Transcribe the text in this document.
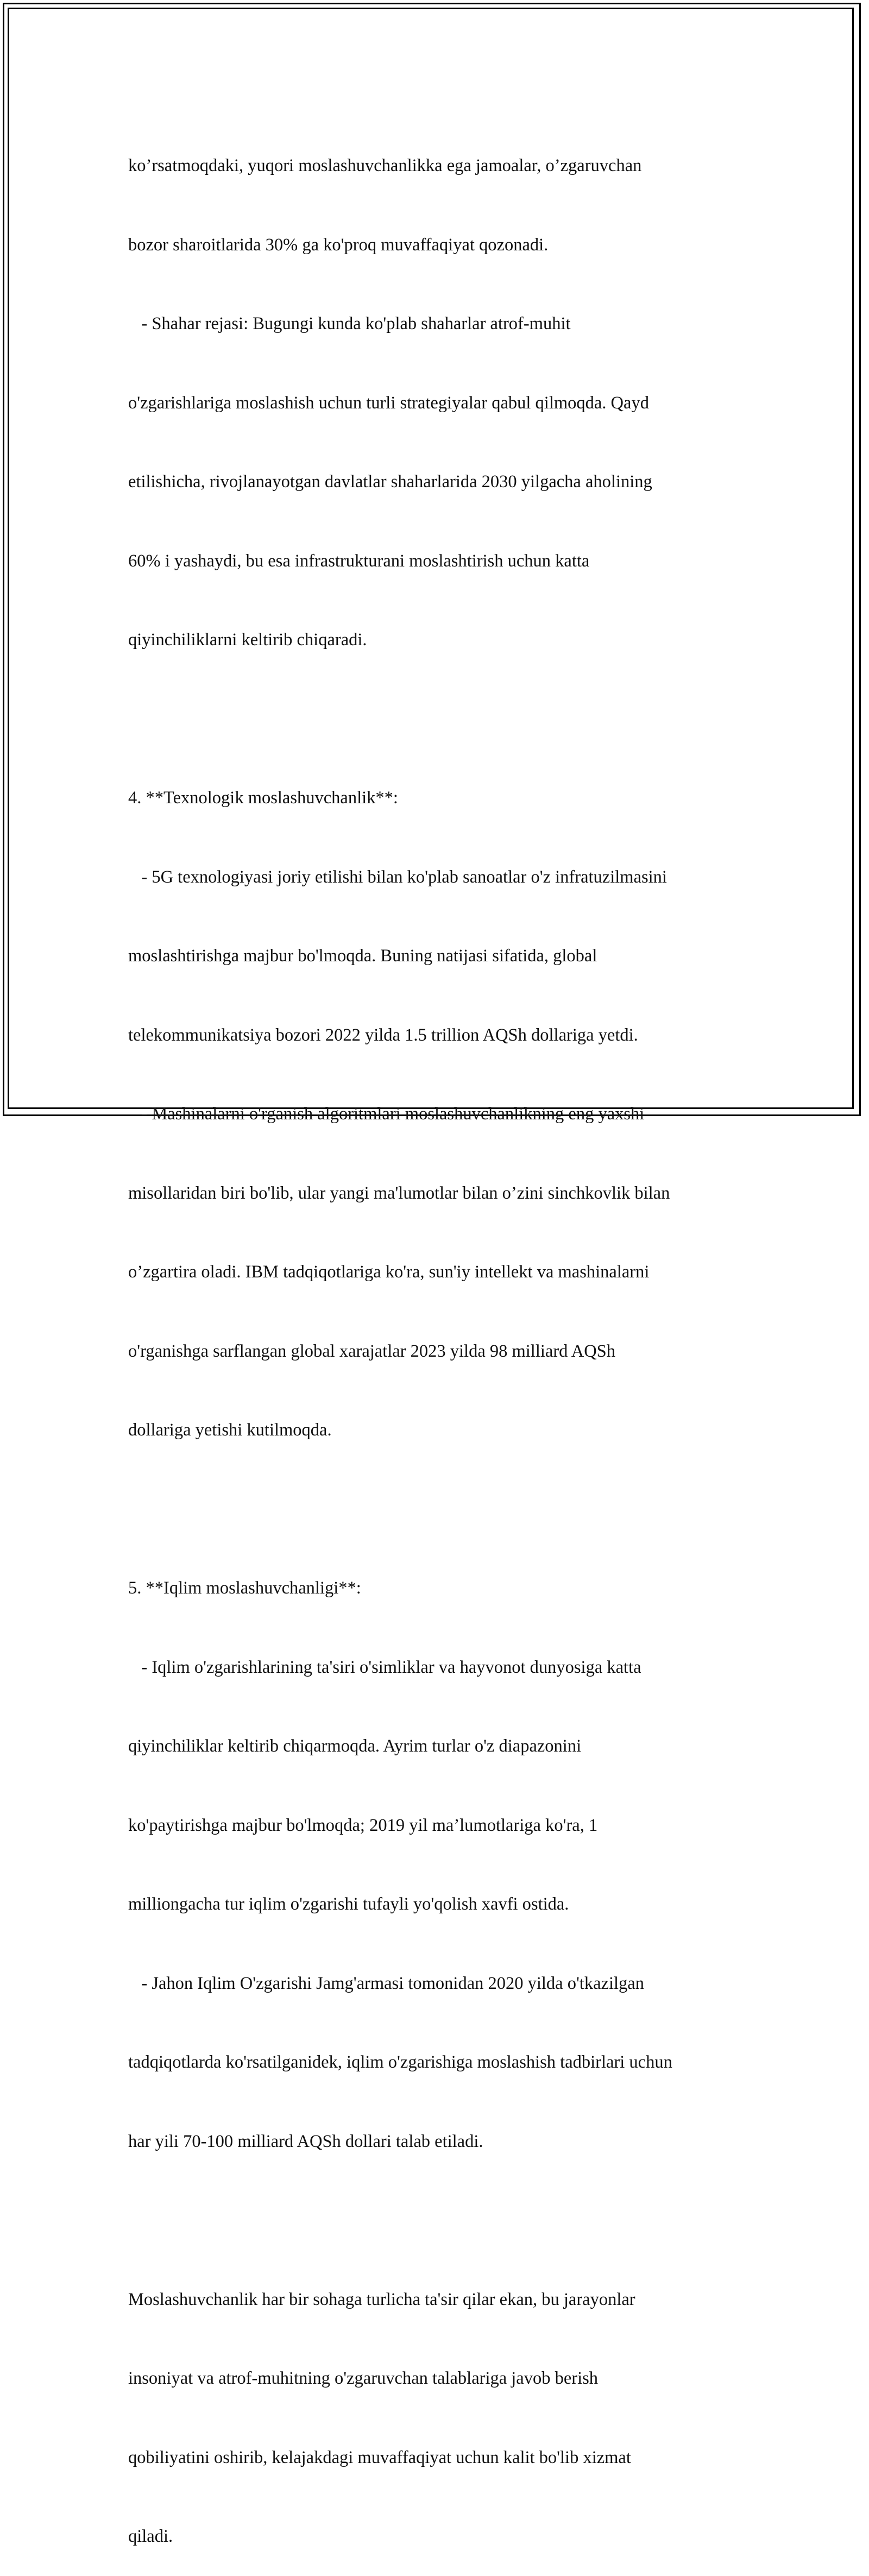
ko’rsatmoqdaki, yuqori moslashuvchanlikka ega jamoalar, o’zgaruvchan

bozor sharoitlarida 30% ga ko'proq muvaffaqiyat qozonadi.

- Shahar rejasi: Bugungi kunda ko'plab shaharlar atrof-muhit

o'zgarishlariga moslashish uchun turli strategiyalar qabul qilmoqda. Qayd

etilishicha, rivojlanayotgan davlatlar shaharlarida 2030 yilgacha aholining

60% i yashaydi, bu esa infrastrukturani moslashtirish uchun katta

qiyinchiliklarni keltirib chiqaradi.

4. **Texnologik moslashuvchanlik**:

- 5G texnologiyasi joriy etilishi bilan ko'plab sanoatlar o'z infratuzilmasini

moslashtirishga majbur bo'lmoqda. Buning natijasi sifatida, global

telekommunikatsiya bozori 2022 yilda 1.5 trillion AQSh dollariga yetdi.

- Mashinalarni o'rganish algoritmlari moslashuvchanlikning eng yaxshi

misollaridan biri bo'lib, ular yangi ma'lumotlar bilan o’zini sinchkovlik bilan

o’zgartira oladi. IBM tadqiqotlariga ko'ra, sun'iy intellekt va mashinalarni

o'rganishga sarflangan global xarajatlar 2023 yilda 98 milliard AQSh

dollariga yetishi kutilmoqda.

5. **Iqlim moslashuvchanligi**:

- Iqlim o'zgarishlarining ta'siri o'simliklar va hayvonot dunyosiga katta

qiyinchiliklar keltirib chiqarmoqda. Ayrim turlar o'z diapazonini

ko'paytirishga majbur bo'lmoqda; 2019 yil ma’lumotlariga ko'ra, 1

milliongacha tur iqlim o'zgarishi tufayli yo'qolish xavfi ostida.

- Jahon Iqlim O'zgarishi Jamg'armasi tomonidan 2020 yilda o'tkazilgan

tadqiqotlarda ko'rsatilganidek, iqlim o'zgarishiga moslashish tadbirlari uchun

har yili 70-100 milliard AQSh dollari talab etiladi.

Moslashuvchanlik har bir sohaga turlicha ta'sir qilar ekan, bu jarayonlar

insoniyat va atrof-muhitning o'zgaruvchan talablariga javob berish

qobiliyatini oshirib, kelajakdagi muvaffaqiyat uchun kalit bo'lib xizmat

qiladi.
